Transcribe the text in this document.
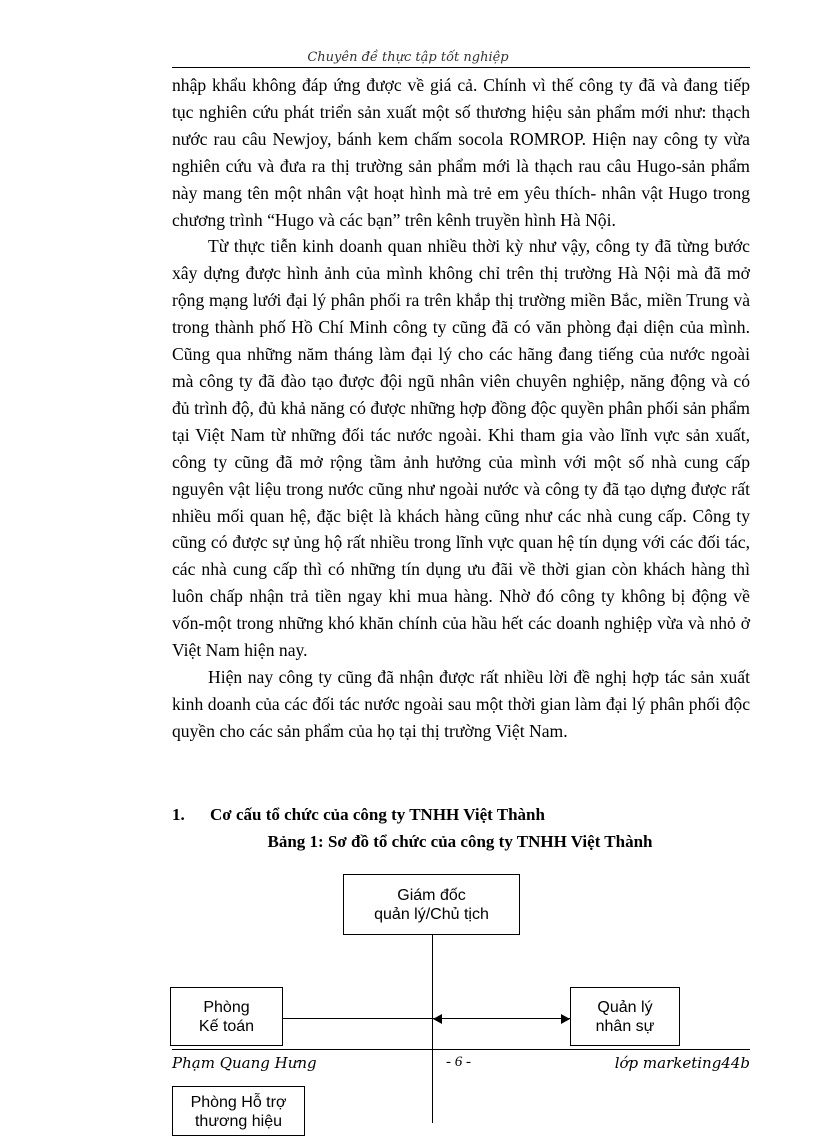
Chuyên đề thực tập tốt nghiệp

nhập khẩu không đáp ứng được về giá cả. Chính vì thế công ty đã và đang tiếp tục nghiên cứu phát triển sản xuất một số thương hiệu sản phẩm mới như: thạch nước rau câu Newjoy, bánh kem chấm socola ROMROP. Hiện nay công ty vừa nghiên cứu và đưa ra thị trường sản phẩm mới là thạch rau câu Hugo-sản phẩm này mang tên một nhân vật hoạt hình mà trẻ em yêu thích- nhân vật Hugo trong chương trình “Hugo và các bạn” trên kênh truyền hình Hà Nội.

Từ thực tiễn kinh doanh quan nhiều thời kỳ như vậy, công ty đã từng bước xây dựng được hình ảnh của mình không chỉ trên thị trường Hà Nội mà đã mở rộng mạng lưới đại lý phân phối ra trên khắp thị trường miền Bắc, miền Trung và trong thành phố Hồ Chí Minh công ty cũng đã có văn phòng đại diện của mình. Cũng qua những năm tháng làm đại lý cho các hãng đang tiếng của nước ngoài mà công ty đã đào tạo được đội ngũ nhân viên chuyên nghiệp, năng động và có đủ trình độ, đủ khả năng có được những hợp đồng độc quyền phân phối sản phẩm tại Việt Nam từ những đối tác nước ngoài. Khi tham gia vào lĩnh vực sản xuất, công ty cũng đã mở rộng tầm ảnh hưởng của mình với một số nhà cung cấp nguyên vật liệu trong nước cũng như ngoài nước và công ty đã tạo dựng được rất nhiều mối quan hệ, đặc biệt là khách hàng cũng như các nhà cung cấp. Công ty cũng có được sự ủng hộ rất nhiều trong lĩnh vực quan hệ tín dụng với các đối tác, các nhà cung cấp thì có những tín dụng ưu đãi về thời gian còn khách hàng thì luôn chấp nhận trả tiền ngay khi mua hàng. Nhờ đó công ty không bị động về vốn-một trong những khó khăn chính của hầu hết các doanh nghiệp vừa và nhỏ ở Việt Nam hiện nay.

Hiện nay công ty cũng đã nhận được rất nhiều lời đề nghị hợp tác sản xuất kinh doanh của các đối tác nước ngoài sau một thời gian làm đại lý phân phối độc quyền cho các sản phẩm của họ tại thị trường Việt Nam.

1. Cơ cấu tổ chức của công ty TNHH Việt Thành
Bảng 1: Sơ đồ tổ chức của công ty TNHH Việt Thành
Giám đốc
quản lý/Chủ tịch
Phòng
Kế toán
Quản lý
nhân sự
Phạm Quang Hưng	- 6 -	lớp marketing44b
Phòng Hỗ trợ
thương hiệu
